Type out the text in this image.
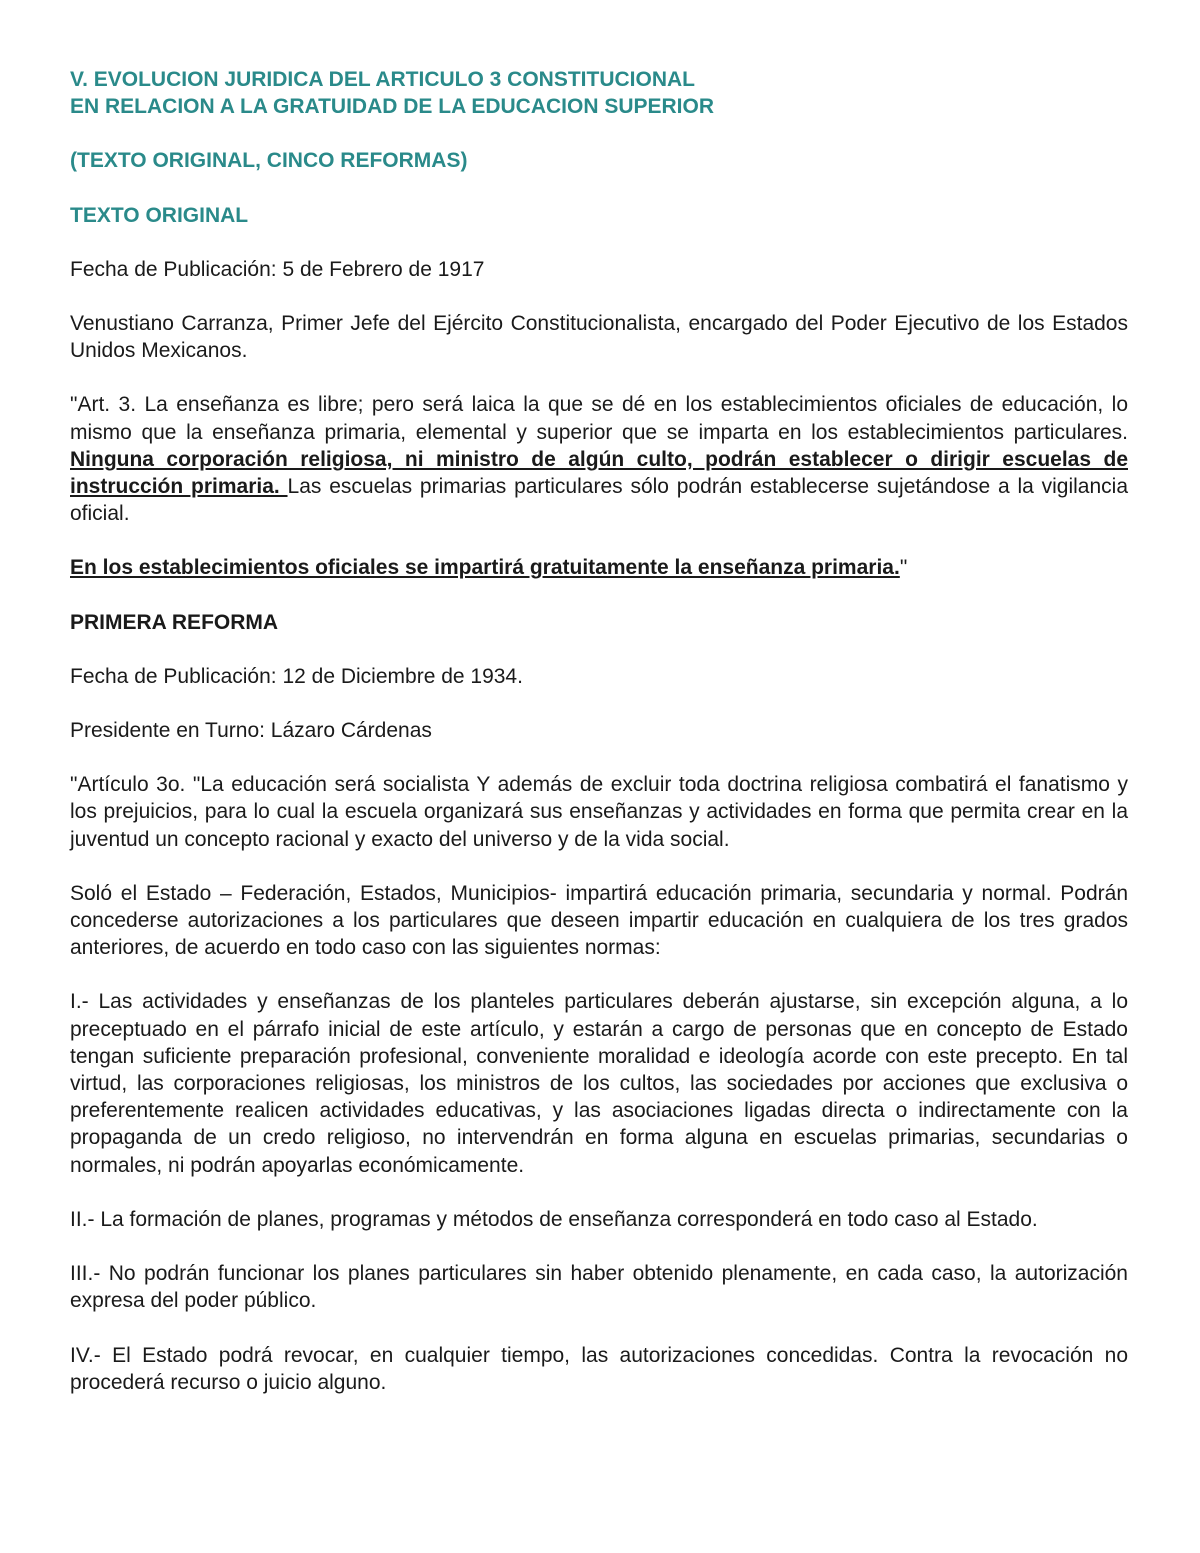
V. EVOLUCION JURIDICA DEL ARTICULO 3 CONSTITUCIONAL
EN RELACION A LA GRATUIDAD DE LA EDUCACION SUPERIOR
(TEXTO ORIGINAL, CINCO REFORMAS)
TEXTO ORIGINAL

Fecha de Publicación: 5 de Febrero de 1917

Venustiano Carranza, Primer Jefe del Ejército Constitucionalista, encargado del Poder Ejecutivo de los Estados Unidos Mexicanos.

"Art. 3. La enseñanza es libre; pero será laica la que se dé en los establecimientos oficiales de educación, lo mismo que la enseñanza primaria, elemental y superior que se imparta en los establecimientos particulares. Ninguna corporación religiosa, ni ministro de algún culto, podrán establecer o dirigir escuelas de instrucción primaria. Las escuelas primarias particulares sólo podrán establecerse sujetándose a la vigilancia oficial.

En los establecimientos oficiales se impartirá gratuitamente la enseñanza primaria."

PRIMERA REFORMA

Fecha de Publicación: 12 de Diciembre de 1934.

Presidente en Turno: Lázaro Cárdenas

"Artículo 3o. "La educación será socialista Y además de excluir toda doctrina religiosa combatirá el fanatismo y los prejuicios, para lo cual la escuela organizará sus enseñanzas y actividades en forma que permita crear en la juventud un concepto racional y exacto del universo y de la vida social.

Soló el Estado – Federación, Estados, Municipios- impartirá educación primaria, secundaria y normal. Podrán concederse autorizaciones a los particulares que deseen impartir educación en cualquiera de los tres grados anteriores, de acuerdo en todo caso con las siguientes normas:

I.- Las actividades y enseñanzas de los planteles particulares deberán ajustarse, sin excepción alguna, a lo preceptuado en el párrafo inicial de este artículo, y estarán a cargo de personas que en concepto de Estado tengan suficiente preparación profesional, conveniente moralidad e ideología acorde con este precepto. En tal virtud, las corporaciones religiosas, los ministros de los cultos, las sociedades por acciones que exclusiva o preferentemente realicen actividades educativas, y las asociaciones ligadas directa o indirectamente con la propaganda de un credo religioso, no intervendrán en forma alguna en escuelas primarias, secundarias o normales, ni podrán apoyarlas económicamente.

II.- La formación de planes, programas y métodos de enseñanza corresponderá en todo caso al Estado.

III.- No podrán funcionar los planes particulares sin haber obtenido plenamente, en cada caso, la autorización expresa del poder público.

IV.- El Estado podrá revocar, en cualquier tiempo, las autorizaciones concedidas. Contra la revocación no procederá recurso o juicio alguno.
